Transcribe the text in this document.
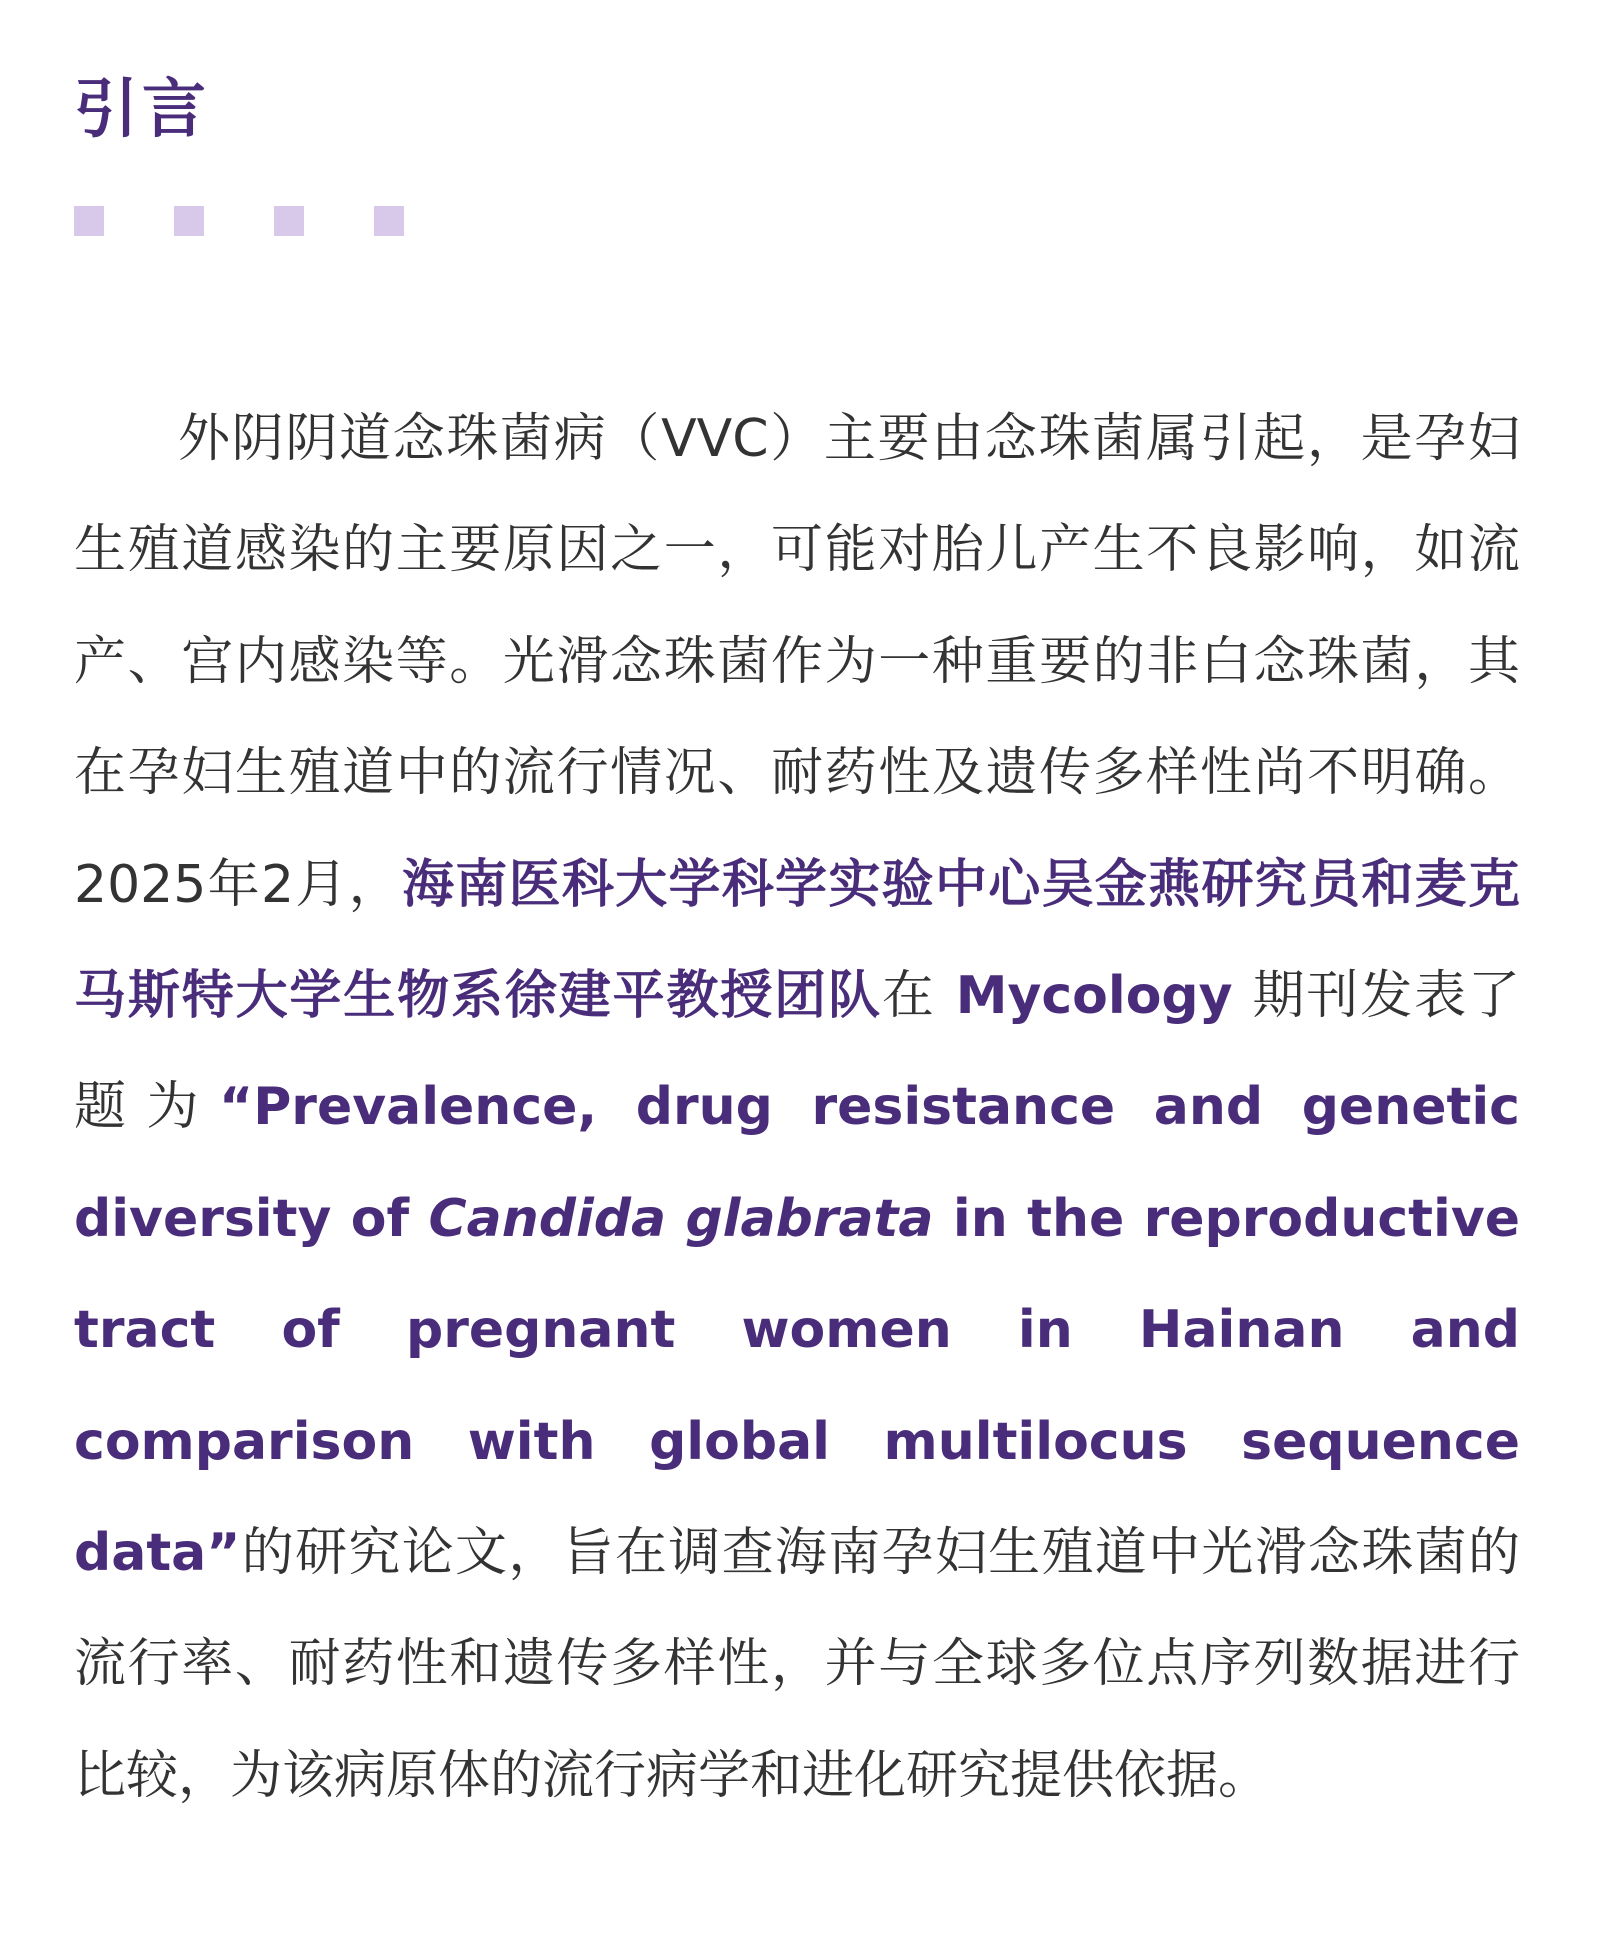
引言

外阴阴道念珠菌病（VVC）主要由念珠菌属引起，是孕妇生殖道感染的主要原因之一，可能对胎儿产生不良影响，如流产、宫内感染等。光滑念珠菌作为一种重要的非白念珠菌，其在孕妇生殖道中的流行情况、耐药性及遗传多样性尚不明确。2025年2月，海南医科大学科学实验中心吴金燕研究员和麦克马斯特大学生物系徐建平教授团队在 Mycology 期刊发表了题为“Prevalence, drug resistance and genetic diversity of Candida glabrata in the reproductive tract of pregnant women in Hainan and comparison with global multilocus sequence data”的研究论文，旨在调查海南孕妇生殖道中光滑念珠菌的流行率、耐药性和遗传多样性，并与全球多位点序列数据进行比较，为该病原体的流行病学和进化研究提供依据。
